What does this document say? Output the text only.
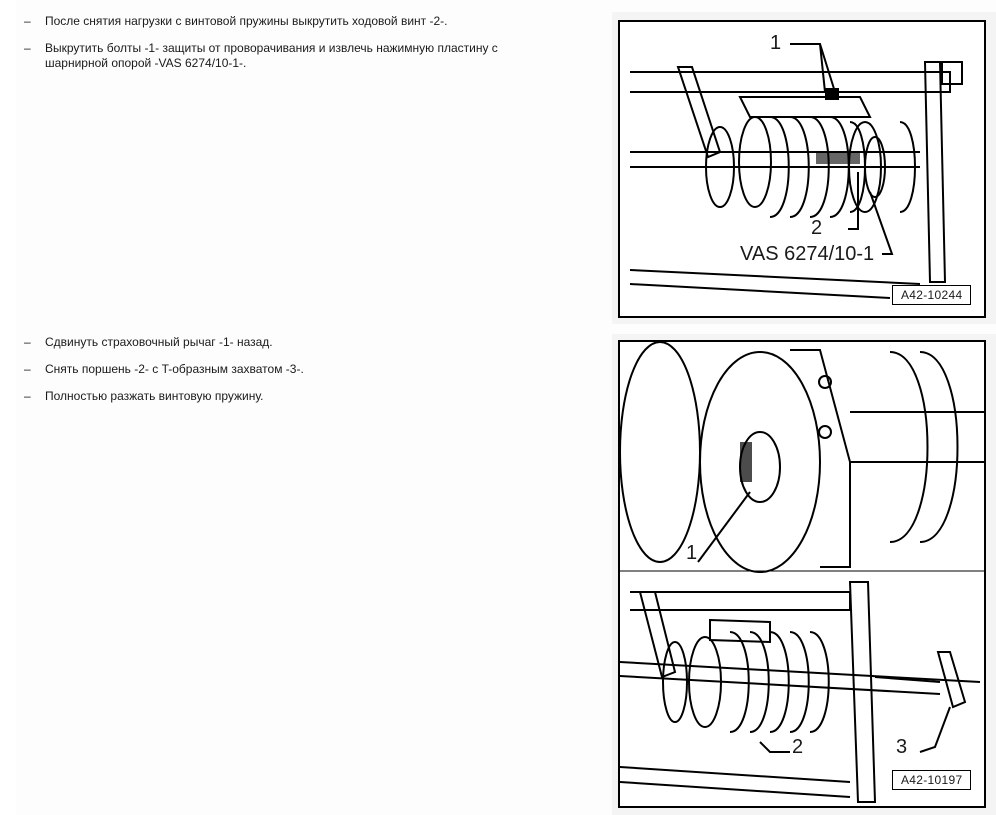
– После снятия нагрузки с винтовой пружины выкрутить ходовой винт -2-.
– Выкрутить болты -1- защиты от проворачивания и извлечь нажимную пластину с шарнирной опорой -VAS 6274/10-1-.
1
2
VAS 6274/10-1
A42-10244
– Сдвинуть страховочный рычаг -1- назад.
– Снять поршень -2- с T-образным захватом -3-.
– Полностью разжать винтовую пружину.
1
2	3
A42-10197
